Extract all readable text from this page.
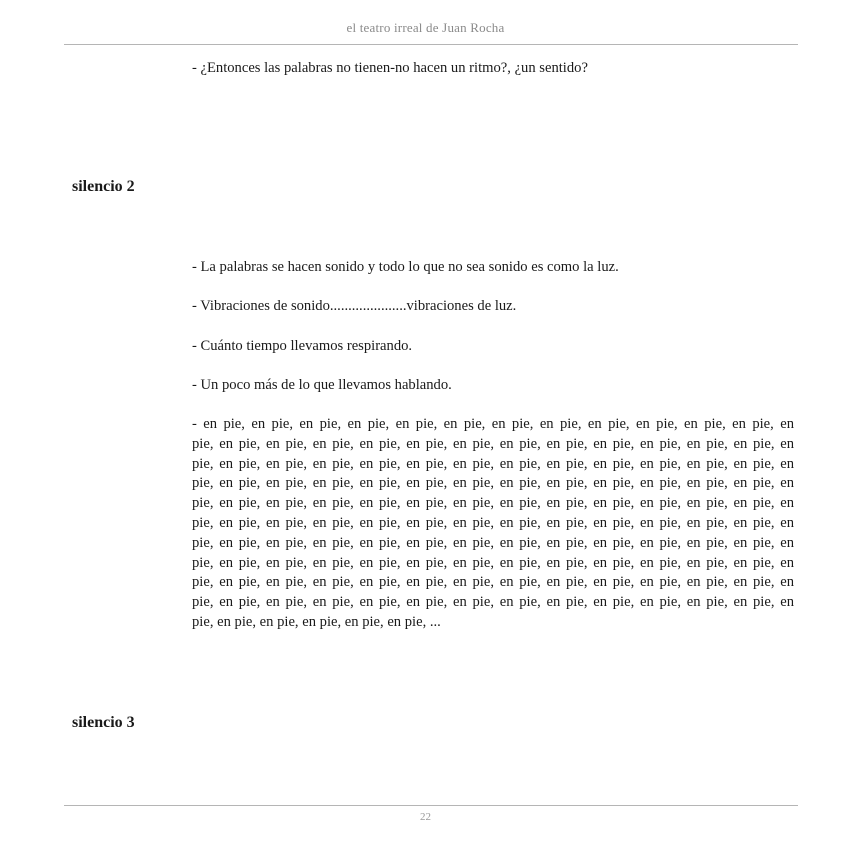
el teatro irreal de Juan Rocha

- ¿Entonces las palabras no tienen-no hacen un ritmo?, ¿un sentido?

silencio 2

- La palabras se hacen sonido y todo lo que no sea sonido es como la luz.

- Vibraciones de sonido.....................vibraciones de luz.

- Cuánto tiempo llevamos respirando.

- Un poco más de lo que llevamos hablando.

- en pie, en pie, en pie, en pie, en pie, en pie, en pie, en pie, en pie, en pie, en pie, en pie, en
pie, en pie, en pie, en pie, en pie, en pie, en pie, en pie, en pie, en pie, en pie, en pie, en pie, en
pie, en pie, en pie, en pie, en pie, en pie, en pie, en pie, en pie, en pie, en pie, en pie, en pie, en
pie, en pie, en pie, en pie, en pie, en pie, en pie, en pie, en pie, en pie, en pie, en pie, en pie, en
pie, en pie, en pie, en pie, en pie, en pie, en pie, en pie, en pie, en pie, en pie, en pie, en pie, en
pie, en pie, en pie, en pie, en pie, en pie, en pie, en pie, en pie, en pie, en pie, en pie, en pie, en
pie, en pie, en pie, en pie, en pie, en pie, en pie, en pie, en pie, en pie, en pie, en pie, en pie, en
pie, en pie, en pie, en pie, en pie, en pie, en pie, en pie, en pie, en pie, en pie, en pie, en pie, en
pie, en pie, en pie, en pie, en pie, en pie, en pie, en pie, en pie, en pie, en pie, en pie, en pie, en
pie, en pie, en pie, en pie, en pie, en pie, en pie, en pie, en pie, en pie, en pie, en pie, en pie, en
pie, en pie, en pie, en pie, en pie, en pie, ...

silencio 3

22
